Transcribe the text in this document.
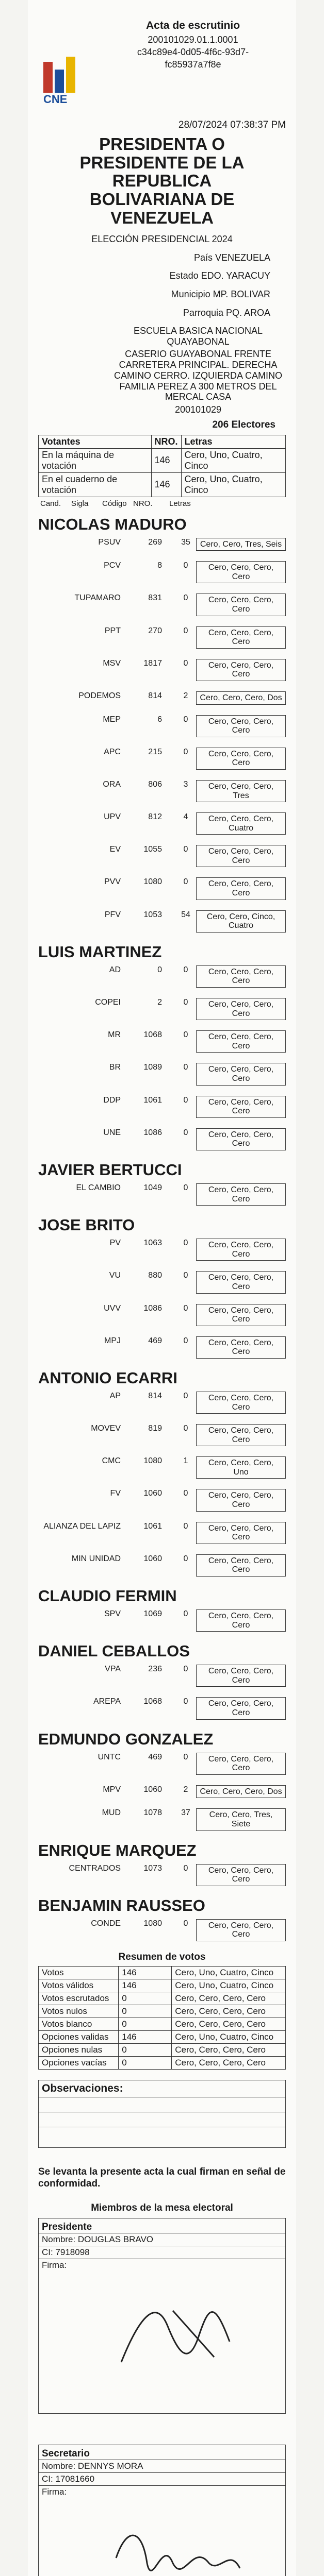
CNE
Acta de escrutinio
200101029.01.1.0001
c34c89e4-0d05-4f6c-93d7-
fc85937a7f8e
28/07/2024 07:38:37 PM
PRESIDENTA O
PRESIDENTE DE LA
REPUBLICA
BOLIVARIANA DE
VENEZUELA
ELECCIÓN PRESIDENCIAL 2024
País VENEZUELA
Estado EDO. YARACUY
Municipio MP. BOLIVAR
Parroquia PQ. AROA

ESCUELA BASICA NACIONAL QUAYABONAL

CASERIO GUAYABONAL FRENTE CARRETERA PRINCIPAL. DERECHA CAMINO CERRO. IZQUIERDA CAMINO FAMILIA PEREZ A 300 METROS DEL MERCAL CASA

200101029

206 Electores
Votantes	NRO.	Letras
En la máquina de votación	146	Cero, Uno, Cuatro, Cinco
En el cuaderno de votación	146	Cero, Uno, Cuatro, Cinco
Cand.	Sigla	Código NRO.	Letras
NICOLAS MADURO
PSUV	269	35	Cero, Cero, Tres, Seis
PCV	8	0	Cero, Cero, Cero, Cero
TUPAMARO	831	0	Cero, Cero, Cero, Cero
PPT	270	0	Cero, Cero, Cero, Cero
MSV	1817	0	Cero, Cero, Cero, Cero
PODEMOS	814	2	Cero, Cero, Cero, Dos
MEP	6	0	Cero, Cero, Cero, Cero
APC	215	0	Cero, Cero, Cero, Cero
ORA	806	3	Cero, Cero, Cero, Tres
UPV	812	4	Cero, Cero, Cero, Cuatro
EV	1055	0	Cero, Cero, Cero, Cero
PVV	1080	0	Cero, Cero, Cero, Cero
PFV	1053	54	Cero, Cero, Cinco, Cuatro
LUIS MARTINEZ
AD	0	0	Cero, Cero, Cero, Cero
COPEI	2	0	Cero, Cero, Cero, Cero
MR	1068	0	Cero, Cero, Cero, Cero
BR	1089	0	Cero, Cero, Cero, Cero
DDP	1061	0	Cero, Cero, Cero, Cero
UNE	1086	0	Cero, Cero, Cero, Cero
JAVIER BERTUCCI
EL CAMBIO	1049	0	Cero, Cero, Cero, Cero
JOSE BRITO
PV	1063	0	Cero, Cero, Cero, Cero
VU	880	0	Cero, Cero, Cero, Cero
UVV	1086	0	Cero, Cero, Cero, Cero
MPJ	469	0	Cero, Cero, Cero, Cero
ANTONIO ECARRI
AP	814	0	Cero, Cero, Cero, Cero
MOVEV	819	0	Cero, Cero, Cero, Cero
CMC	1080	1	Cero, Cero, Cero, Uno
FV	1060	0	Cero, Cero, Cero, Cero
ALIANZA DEL LAPIZ	1061	0	Cero, Cero, Cero, Cero
MIN UNIDAD	1060	0	Cero, Cero, Cero, Cero
CLAUDIO FERMIN
SPV	1069	0	Cero, Cero, Cero, Cero
DANIEL CEBALLOS
VPA	236	0	Cero, Cero, Cero, Cero
AREPA	1068	0	Cero, Cero, Cero, Cero
EDMUNDO GONZALEZ
UNTC	469	0	Cero, Cero, Cero, Cero
MPV	1060	2	Cero, Cero, Cero, Dos
MUD	1078	37	Cero, Cero, Tres, Siete
ENRIQUE MARQUEZ
CENTRADOS	1073	0	Cero, Cero, Cero, Cero
BENJAMIN RAUSSEO
CONDE	1080	0	Cero, Cero, Cero, Cero
Resumen de votos
Votos	146	Cero, Uno, Cuatro, Cinco
Votos válidos	146	Cero, Uno, Cuatro, Cinco
Votos escrutados	0	Cero, Cero, Cero, Cero
Votos nulos	0	Cero, Cero, Cero, Cero
Votos blanco	0	Cero, Cero, Cero, Cero
Opciones validas	146	Cero, Uno, Cuatro, Cinco
Opciones nulas	0	Cero, Cero, Cero, Cero
Opciones vacías	0	Cero, Cero, Cero, Cero
Observaciones:
Se levanta la presente acta la cual firman en señal de conformidad.
Miembros de la mesa electoral
Presidente
Nombre: DOUGLAS BRAVO
CI: 7918098
Firma:
Secretario
Nombre: DENNYS MORA
CI: 17081660
Firma:
